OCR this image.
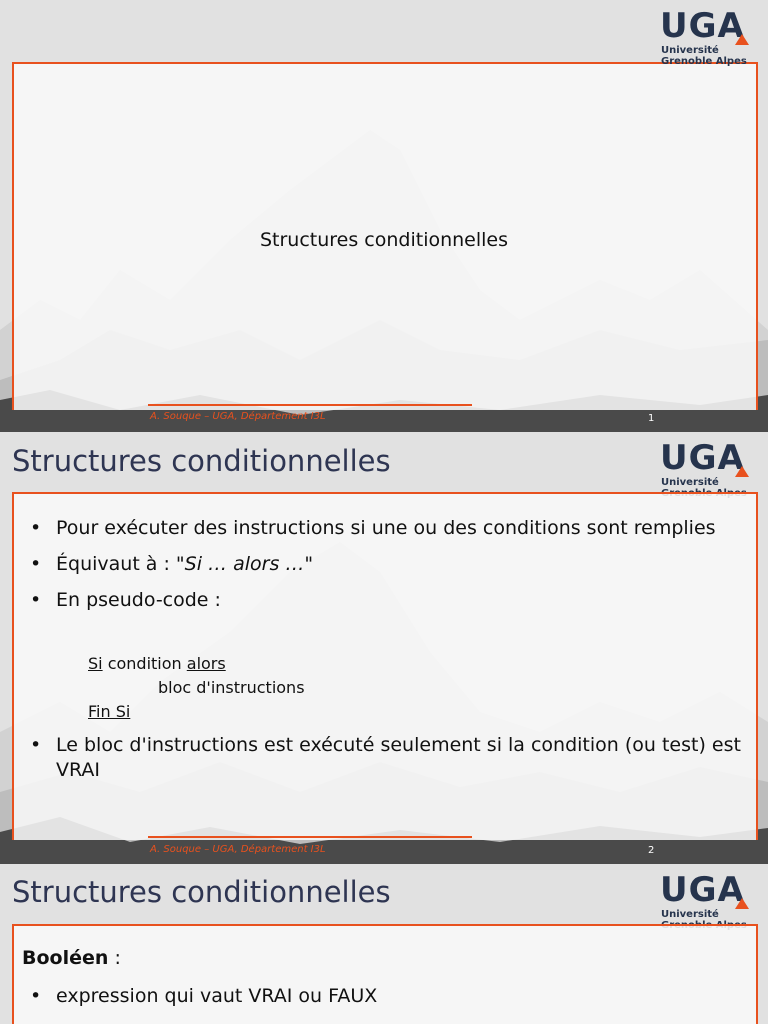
UGA
Université
Grenoble Alpes
Structures conditionnelles
A. Souque – UGA, Département I3L	1
Structures conditionnelles	UGA
Université
• Pour exécuter des instructions si une ou des conditions sont remplies
• Équivaut à : "Si … alors …"
• En pseudo-code :
Si condition alors
bloc d'instructions
Fin Si
• Le bloc d'instructions est exécuté seulement si la condition (ou test) est VRAI
A. Souque – UGA, Département I3L	2
Structures conditionnelles	UGA
Université
Booléen :
• expression qui vaut VRAI ou FAUX
